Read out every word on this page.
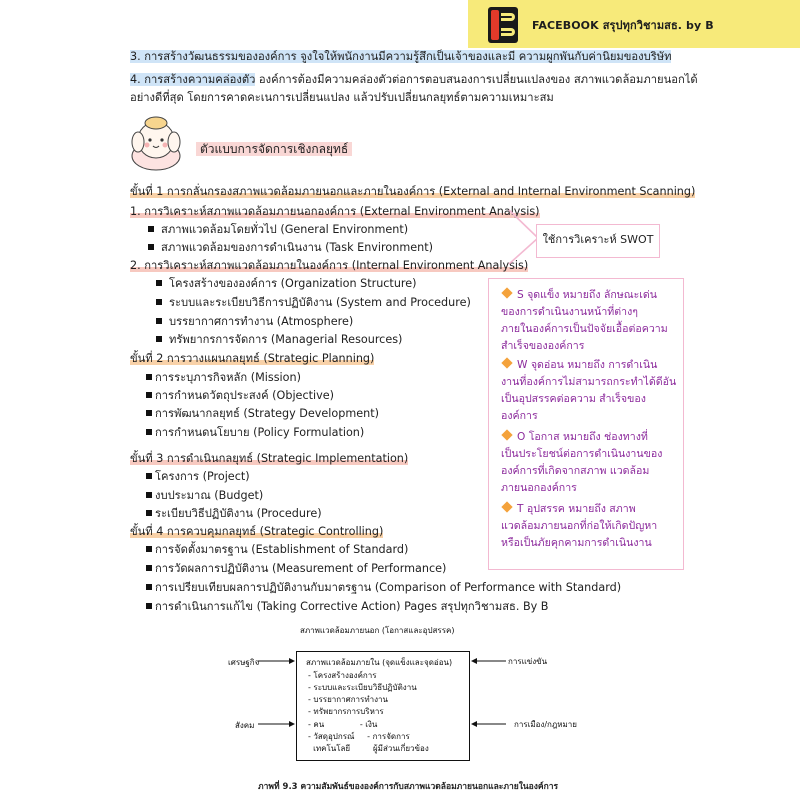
FACEBOOK สรุปทุกวิชามสธ. by B
3. การสร้างวัฒนธรรมขององค์การ จูงใจให้พนักงานมีความรู้สึกเป็นเจ้าของและมี ความผูกพันกับค่านิยมของบริษัท
4. การสร้างความคล่องตัว องค์การต้องมีความคล่องตัวต่อการตอบสนองการเปลี่ยนแปลงของ สภาพแวดล้อมภายนอกได้
อย่างดีที่สุด โดยการคาดคะเนการเปลี่ยนแปลง แล้วปรับเปลี่ยนกลยุทธ์ตามความเหมาะสม
ตัวแบบการจัดการเชิงกลยุทธ์
ขั้นที่ 1 การกลั่นกรองสภาพแวดล้อมภายนอกและภายในองค์การ (External and Internal Environment Scanning)
1. การวิเคราะห์สภาพแวดล้อมภายนอกองค์การ (External Environment Analysis)
สภาพแวดล้อมโดยทั่วไป (General Environment)
สภาพแวดล้อมของการดำเนินงาน (Task Environment)
2. การวิเคราะห์สภาพแวดล้อมภายในองค์การ (Internal Environment Analysis)
โครงสร้างขององค์การ (Organization Structure)
ระบบและระเบียบวิธีการปฏิบัติงาน (System and Procedure)
บรรยากาศการทำงาน (Atmosphere)
ทรัพยากรการจัดการ (Managerial Resources)
ใช้การวิเคราะห์ SWOT
ขั้นที่ 2 การวางแผนกลยุทธ์ (Strategic Planning)
การระบุภารกิจหลัก (Mission)
การกำหนดวัตถุประสงค์ (Objective)
การพัฒนากลยุทธ์ (Strategy Development)
การกำหนดนโยบาย (Policy Formulation)
ขั้นที่ 3 การดำเนินกลยุทธ์ (Strategic Implementation)
โครงการ (Project)
งบประมาณ (Budget)
ระเบียบวิธีปฏิบัติงาน (Procedure)
ขั้นที่ 4 การควบคุมกลยุทธ์ (Strategic Controlling)
การจัดตั้งมาตรฐาน (Establishment of Standard)
การวัดผลการปฏิบัติงาน (Measurement of Performance)
การเปรียบเทียบผลการปฏิบัติงานกับมาตรฐาน (Comparison of Performance with Standard)
การดำเนินการแก้ไข (Taking Corrective Action) Pages สรุปทุกวิชามสธ. By B
S จุดแข็ง หมายถึง ลักษณะเด่น
ของการดำเนินงานหน้าที่ต่างๆ
ภายในองค์การเป็นปัจจัยเอื้อต่อความ
สำเร็จขององค์การ
W จุดอ่อน หมายถึง การดำเนิน
งานที่องค์การไม่สามารถกระทำได้ดีอัน
เป็นอุปสรรคต่อความ สำเร็จของ
องค์การ
O โอกาส หมายถึง ช่องทางที่
เป็นประโยชน์ต่อการดำเนินงานของ
องค์การที่เกิดจากสภาพ แวดล้อม
ภายนอกองค์การ
T อุปสรรค หมายถึง สภาพ
แวดล้อมภายนอกที่ก่อให้เกิดปัญหา
หรือเป็นภัยคุกคามการดำเนินงาน
สภาพแวดล้อมภายนอก (โอกาสและอุปสรรค)
เศรษฐกิจ
สังคม
การแข่งขัน
การเมือง/กฎหมาย
สภาพแวดล้อมภายใน (จุดแข็งและจุดอ่อน)
- โครงสร้างองค์การ
- ระบบและระเบียบวิธีปฏิบัติงาน
- บรรยากาศการทำงาน
- ทรัพยากรการบริหาร
- คน              - เงิน
- วัสดุอุปกรณ์     - การจัดการ
เทคโนโลยี         ผู้มีส่วนเกี่ยวข้อง
ภาพที่ 9.3 ความสัมพันธ์ขององค์การกับสภาพแวดล้อมภายนอกและภายในองค์การ
